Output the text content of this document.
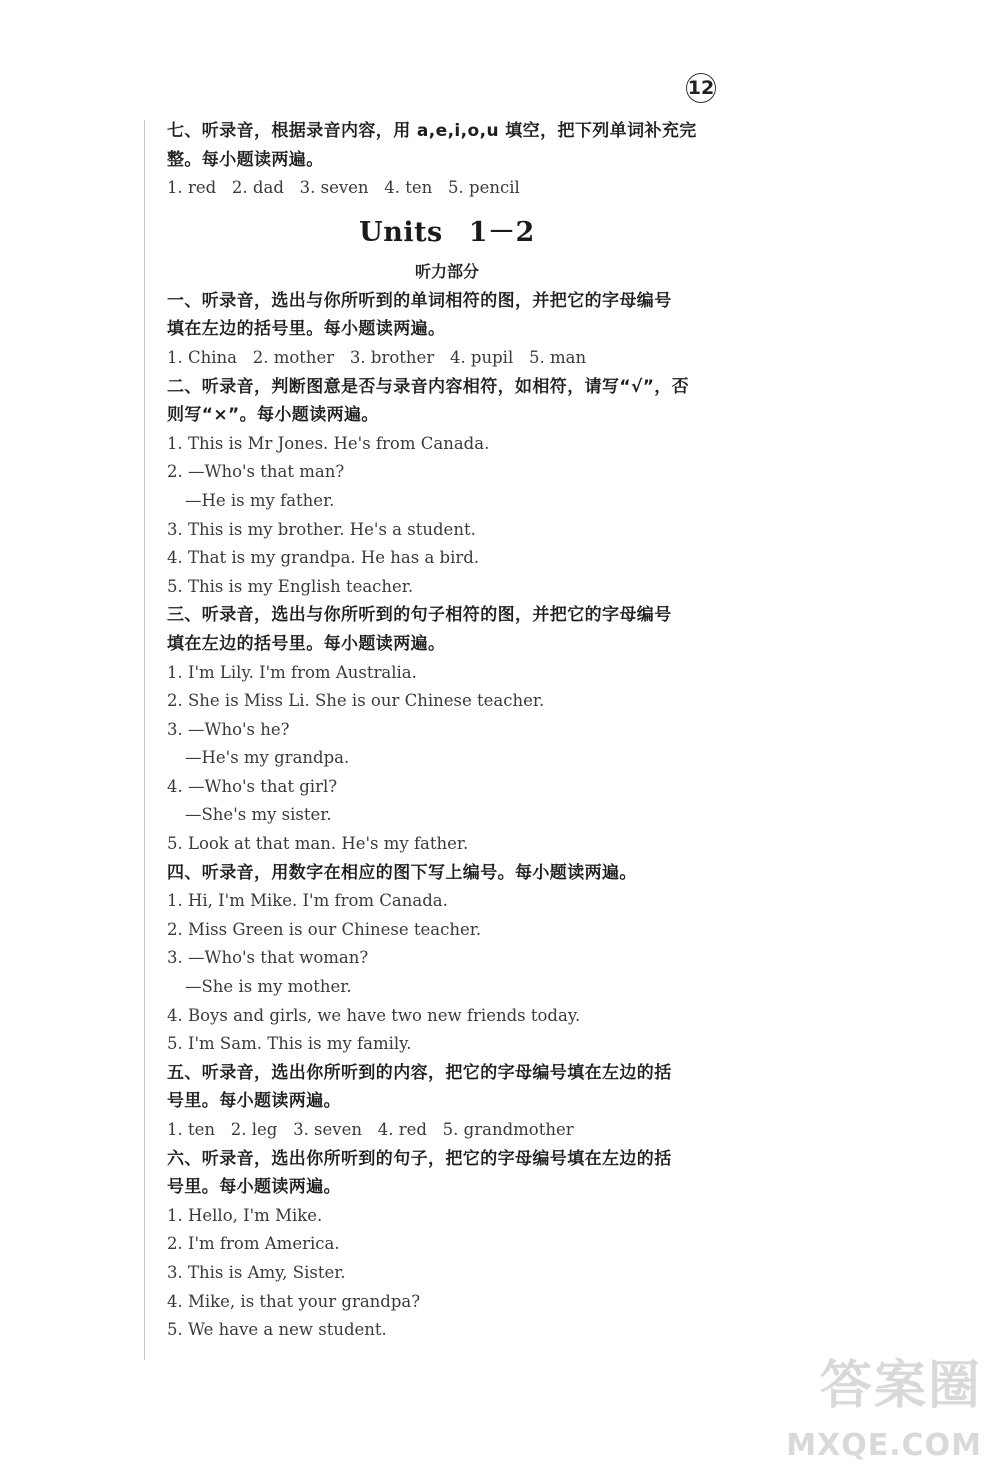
12
七、听录音，根据录音内容，用 a,e,i,o,u 填空，把下列单词补充完
整。每小题读两遍。
1. red   2. dad   3. seven   4. ten   5. pencil
Units 1－2
听力部分
一、听录音，选出与你所听到的单词相符的图，并把它的字母编号
填在左边的括号里。每小题读两遍。
1. China   2. mother   3. brother   4. pupil   5. man
二、听录音，判断图意是否与录音内容相符，如相符，请写“√”，否
则写“×”。每小题读两遍。
1. This is Mr Jones. He's from Canada.
2. —Who's that man?
—He is my father.
3. This is my brother. He's a student.
4. That is my grandpa. He has a bird.
5. This is my English teacher.
三、听录音，选出与你所听到的句子相符的图，并把它的字母编号
填在左边的括号里。每小题读两遍。
1. I'm Lily. I'm from Australia.
2. She is Miss Li. She is our Chinese teacher.
3. —Who's he?
—He's my grandpa.
4. —Who's that girl?
—She's my sister.
5. Look at that man. He's my father.
四、听录音，用数字在相应的图下写上编号。每小题读两遍。
1. Hi, I'm Mike. I'm from Canada.
2. Miss Green is our Chinese teacher.
3. —Who's that woman?
—She is my mother.
4. Boys and girls, we have two new friends today.
5. I'm Sam. This is my family.
五、听录音，选出你所听到的内容，把它的字母编号填在左边的括
号里。每小题读两遍。
1. ten   2. leg   3. seven   4. red   5. grandmother
六、听录音，选出你所听到的句子，把它的字母编号填在左边的括
号里。每小题读两遍。
1. Hello, I'm Mike.
2. I'm from America.
3. This is Amy, Sister.
4. Mike, is that your grandpa?
5. We have a new student.
答案圈
MXQE.COM
